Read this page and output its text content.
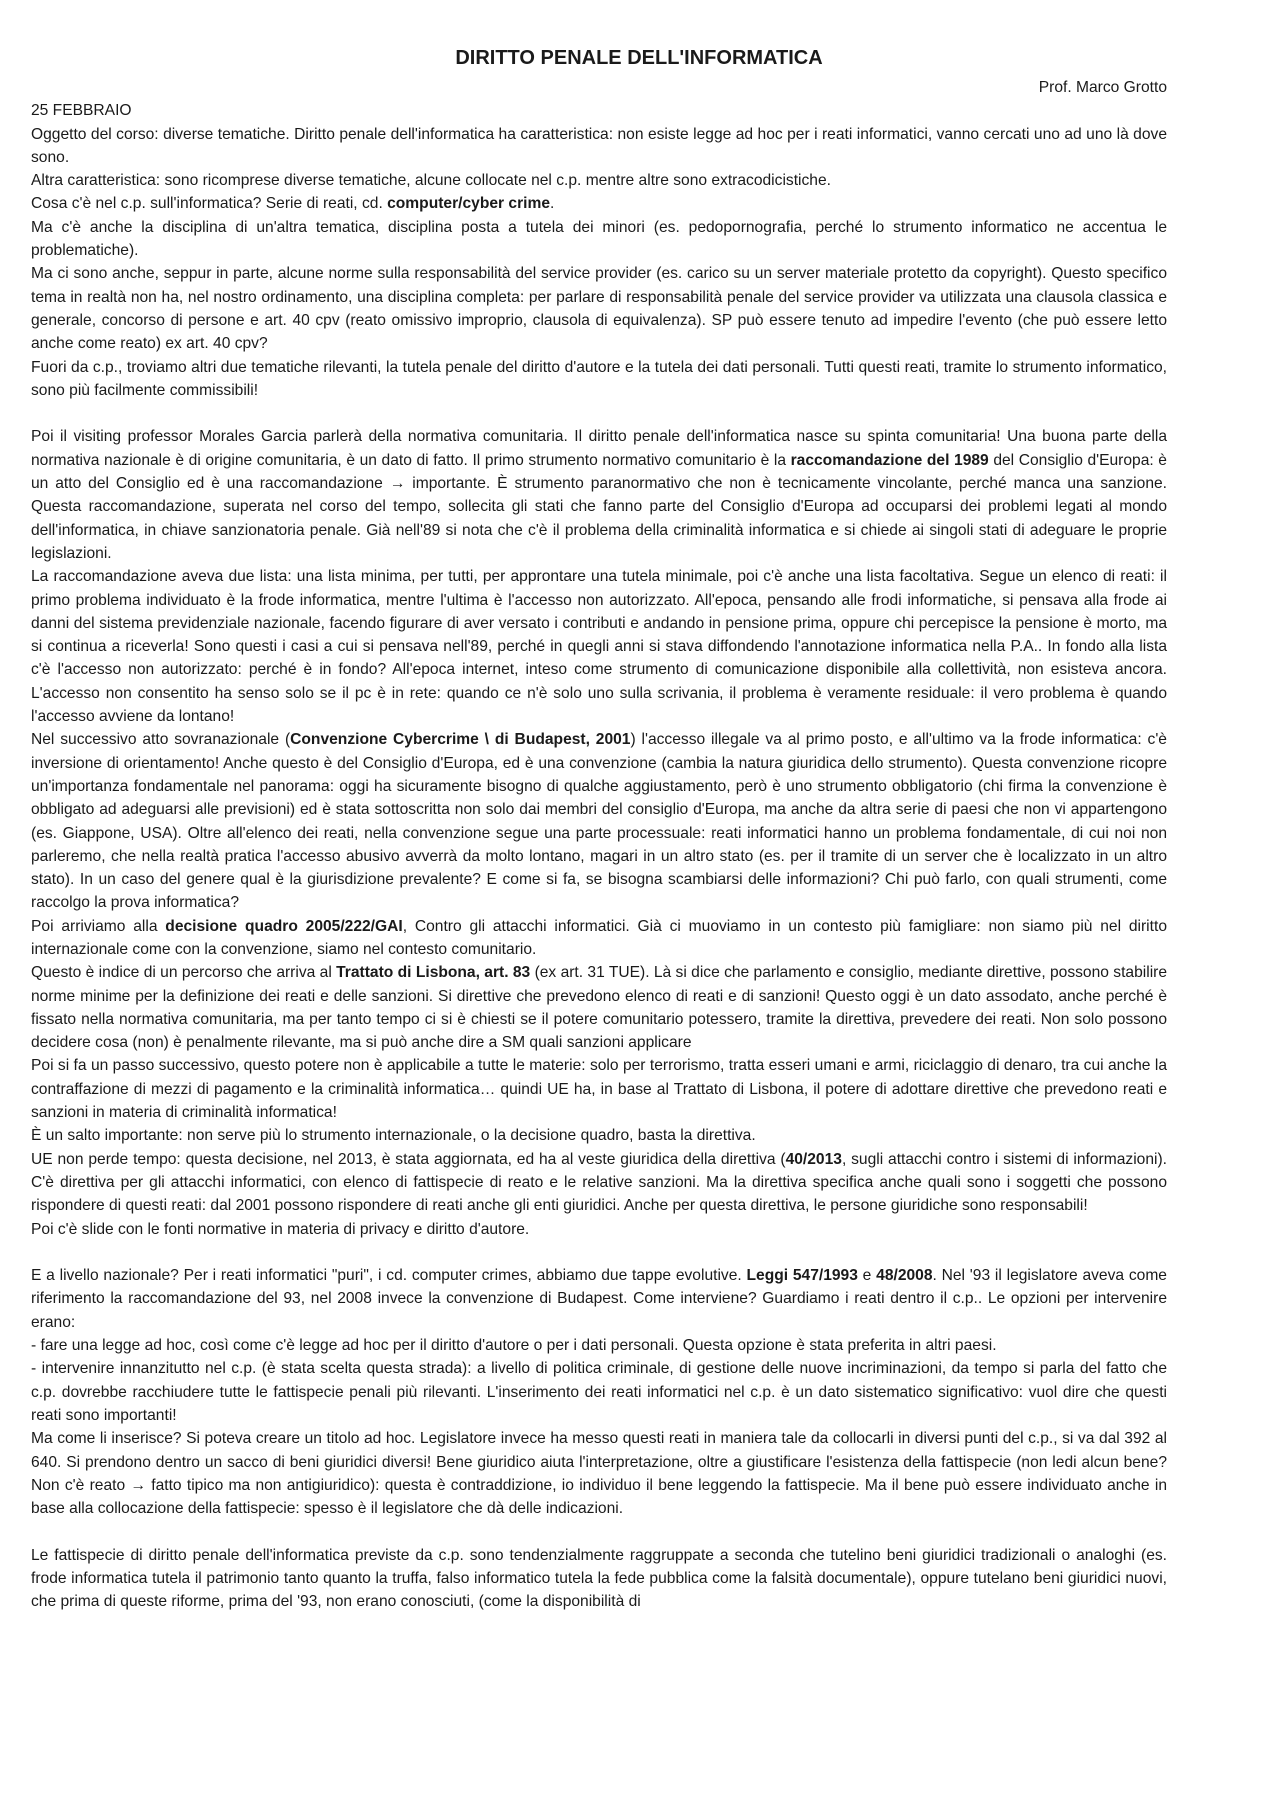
DIRITTO PENALE DELL'INFORMATICA

Prof. Marco Grotto

25 FEBBRAIO

Oggetto del corso: diverse tematiche. Diritto penale dell'informatica ha caratteristica: non esiste legge ad hoc per i reati informatici, vanno cercati uno ad uno là dove sono.

Altra caratteristica: sono ricomprese diverse tematiche, alcune collocate nel c.p. mentre altre sono extracodicistiche.

Cosa c'è nel c.p. sull'informatica? Serie di reati, cd. computer/cyber crime.

Ma c'è anche la disciplina di un'altra tematica, disciplina posta a tutela dei minori (es. pedopornografia, perché lo strumento informatico ne accentua le problematiche).

Ma ci sono anche, seppur in parte, alcune norme sulla responsabilità del service provider (es. carico su un server materiale protetto da copyright). Questo specifico tema in realtà non ha, nel nostro ordinamento, una disciplina completa: per parlare di responsabilità penale del service provider va utilizzata una clausola classica e generale, concorso di persone e art. 40 cpv (reato omissivo improprio, clausola di equivalenza). SP può essere tenuto ad impedire l'evento (che può essere letto anche come reato) ex art. 40 cpv?

Fuori da c.p., troviamo altri due tematiche rilevanti, la tutela penale del diritto d'autore e la tutela dei dati personali. Tutti questi reati, tramite lo strumento informatico, sono più facilmente commissibili!

Poi il visiting professor Morales Garcia parlerà della normativa comunitaria. Il diritto penale dell'informatica nasce su spinta comunitaria! Una buona parte della normativa nazionale è di origine comunitaria, è un dato di fatto. Il primo strumento normativo comunitario è la raccomandazione del 1989 del Consiglio d'Europa: è un atto del Consiglio ed è una raccomandazione → importante. È strumento paranormativo che non è tecnicamente vincolante, perché manca una sanzione. Questa raccomandazione, superata nel corso del tempo, sollecita gli stati che fanno parte del Consiglio d'Europa ad occuparsi dei problemi legati al mondo dell'informatica, in chiave sanzionatoria penale. Già nell'89 si nota che c'è il problema della criminalità informatica e si chiede ai singoli stati di adeguare le proprie legislazioni.

La raccomandazione aveva due lista: una lista minima, per tutti, per approntare una tutela minimale, poi c'è anche una lista facoltativa. Segue un elenco di reati: il primo problema individuato è la frode informatica, mentre l'ultima è l'accesso non autorizzato. All'epoca, pensando alle frodi informatiche, si pensava alla frode ai danni del sistema previdenziale nazionale, facendo figurare di aver versato i contributi e andando in pensione prima, oppure chi percepisce la pensione è morto, ma si continua a riceverla! Sono questi i casi a cui si pensava nell'89, perché in quegli anni si stava diffondendo l'annotazione informatica nella P.A.. In fondo alla lista c'è l'accesso non autorizzato: perché è in fondo? All'epoca internet, inteso come strumento di comunicazione disponibile alla collettività, non esisteva ancora. L'accesso non consentito ha senso solo se il pc è in rete: quando ce n'è solo uno sulla scrivania, il problema è veramente residuale: il vero problema è quando l'accesso avviene da lontano!

Nel successivo atto sovranazionale (Convenzione Cybercrime \ di Budapest, 2001) l'accesso illegale va al primo posto, e all'ultimo va la frode informatica: c'è inversione di orientamento! Anche questo è del Consiglio d'Europa, ed è una convenzione (cambia la natura giuridica dello strumento). Questa convenzione ricopre un'importanza fondamentale nel panorama: oggi ha sicuramente bisogno di qualche aggiustamento, però è uno strumento obbligatorio (chi firma la convenzione è obbligato ad adeguarsi alle previsioni) ed è stata sottoscritta non solo dai membri del consiglio d'Europa, ma anche da altra serie di paesi che non vi appartengono (es. Giappone, USA). Oltre all'elenco dei reati, nella convenzione segue una parte processuale: reati informatici hanno un problema fondamentale, di cui noi non parleremo, che nella realtà pratica l'accesso abusivo avverrà da molto lontano, magari in un altro stato (es. per il tramite di un server che è localizzato in un altro stato). In un caso del genere qual è la giurisdizione prevalente? E come si fa, se bisogna scambiarsi delle informazioni? Chi può farlo, con quali strumenti, come raccolgo la prova informatica?

Poi arriviamo alla decisione quadro 2005/222/GAI, Contro gli attacchi informatici. Già ci muoviamo in un contesto più famigliare: non siamo più nel diritto internazionale come con la convenzione, siamo nel contesto comunitario.

Questo è indice di un percorso che arriva al Trattato di Lisbona, art. 83 (ex art. 31 TUE). Là si dice che parlamento e consiglio, mediante direttive, possono stabilire norme minime per la definizione dei reati e delle sanzioni. Si direttive che prevedono elenco di reati e di sanzioni! Questo oggi è un dato assodato, anche perché è fissato nella normativa comunitaria, ma per tanto tempo ci si è chiesti se il potere comunitario potessero, tramite la direttiva, prevedere dei reati. Non solo possono decidere cosa (non) è penalmente rilevante, ma si può anche dire a SM quali sanzioni applicare

Poi si fa un passo successivo, questo potere non è applicabile a tutte le materie: solo per terrorismo, tratta esseri umani e armi, riciclaggio di denaro, tra cui anche la contraffazione di mezzi di pagamento e la criminalità informatica… quindi UE ha, in base al Trattato di Lisbona, il potere di adottare direttive che prevedono reati e sanzioni in materia di criminalità informatica!

È un salto importante: non serve più lo strumento internazionale, o la decisione quadro, basta la direttiva.

UE non perde tempo: questa decisione, nel 2013, è stata aggiornata, ed ha al veste giuridica della direttiva (40/2013, sugli attacchi contro i sistemi di informazioni). C'è direttiva per gli attacchi informatici, con elenco di fattispecie di reato e le relative sanzioni. Ma la direttiva specifica anche quali sono i soggetti che possono rispondere di questi reati: dal 2001 possono rispondere di reati anche gli enti giuridici. Anche per questa direttiva, le persone giuridiche sono responsabili!

Poi c'è slide con le fonti normative in materia di privacy e diritto d'autore.

E a livello nazionale? Per i reati informatici "puri", i cd. computer crimes, abbiamo due tappe evolutive. Leggi 547/1993 e 48/2008. Nel '93 il legislatore aveva come riferimento la raccomandazione del 93, nel 2008 invece la convenzione di Budapest. Come interviene? Guardiamo i reati dentro il c.p.. Le opzioni per intervenire erano:

- fare una legge ad hoc, così come c'è legge ad hoc per il diritto d'autore o per i dati personali. Questa opzione è stata preferita in altri paesi.

- intervenire innanzitutto nel c.p. (è stata scelta questa strada): a livello di politica criminale, di gestione delle nuove incriminazioni, da tempo si parla del fatto che c.p. dovrebbe racchiudere tutte le fattispecie penali più rilevanti. L'inserimento dei reati informatici nel c.p. è un dato sistematico significativo: vuol dire che questi reati sono importanti!

Ma come li inserisce? Si poteva creare un titolo ad hoc. Legislatore invece ha messo questi reati in maniera tale da collocarli in diversi punti del c.p., si va dal 392 al 640. Si prendono dentro un sacco di beni giuridici diversi! Bene giuridico aiuta l'interpretazione, oltre a giustificare l'esistenza della fattispecie (non ledi alcun bene? Non c'è reato → fatto tipico ma non antigiuridico): questa è contraddizione, io individuo il bene leggendo la fattispecie. Ma il bene può essere individuato anche in base alla collocazione della fattispecie: spesso è il legislatore che dà delle indicazioni.

Le fattispecie di diritto penale dell'informatica previste da c.p. sono tendenzialmente raggruppate a seconda che tutelino beni giuridici tradizionali o analoghi (es. frode informatica tutela il patrimonio tanto quanto la truffa, falso informatico tutela la fede pubblica come la falsità documentale), oppure tutelano beni giuridici nuovi, che prima di queste riforme, prima del '93, non erano conosciuti, (come la disponibilità di
